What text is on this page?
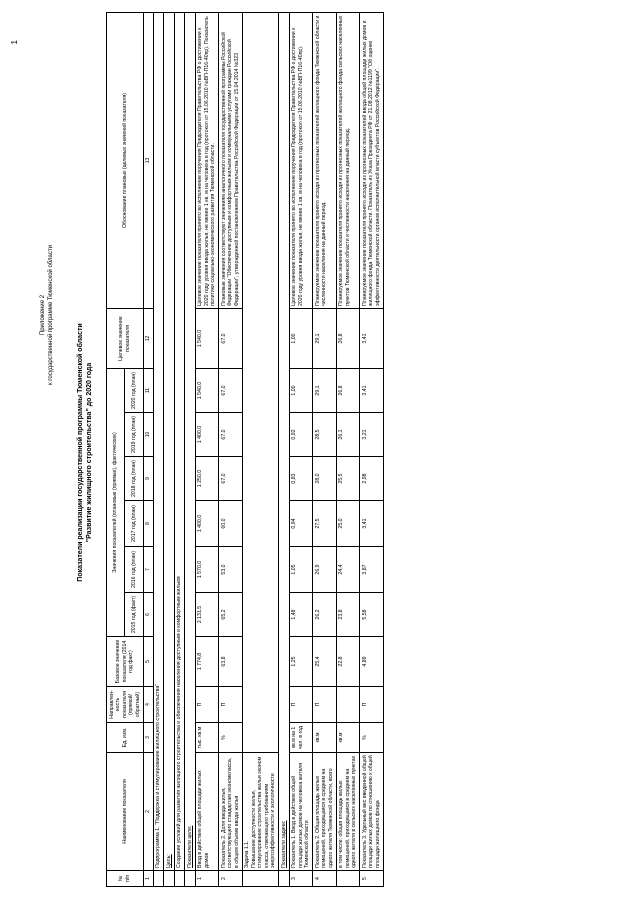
1
Приложение 2 к государственной программе Тюменской области
Показатели реализации государственной программы Тюменской области "Развитие жилищного строительства" до 2020 года
№ п/п	Наименование показателя	Ед. изм.	Направлен-ность показателя (прямой/ обратный)	Базовое значение показателя (2014 год факт)	Значения показателей (плановые (прямые), фактические)						Целевое значение показателя	Обоснование плановых (целевых значений показателя)
					2015 год (факт)	2016 год (план)	2017 год (план)	2018 год (план)	2019 год (план)	2020 год (план)		
1	2	3	4	5	6	7	8	9	10	11	12	13
	Подпрограмма 1. "Поддержка и стимулирование жилищного строительства"											
	Цель:											
	Создание условий для развития жилищного строительства и обеспечения населения доступным и комфортным жильем											
	Показатели цели:											
1	Ввод в действие общей площади жилых домов	тыс. кв.м	П	1 774,8	2 131,5	1 570,0	1 400,0	1 250,0	1 400,0	1 540,0	1 540,0	Целевое значение показателя принято во исполнение поручения Председателя Правительства РФ о достижении к 2020 году уровня ввода жилья, не менее 1 кв. м на человека в год (протокол от 15.06.2010 №ВП-П16-40пр). Показатель политики социально-экономического развития Тюменской области.
2	Показатель 2. Доля ввода жилья, соответствующего стандартам экономкласса, в общем объеме ввода жилья	%	П	63,8	65,2	53,0	60,0	67,0	67,0	67,0	67,0	Плановые значения соответствуют значениям аналогичного показателя государственной программы Российской Федерации "Обеспечение доступным и комфортным жильем и коммунальными услугами граждан Российской Федерации", утвержденной постановлением Правительства Российской Федерации от 15.04.2014 №323

	Задача 1.1. Повышение доступности жилья, стимулирование строительства жилья эконом класса, отвечающего требованиям энергоэффективности и экологичности											

	Показатели задачи:											
3	Показатель 1. Ввод в действие общей площади жилых домов на человека жителя Тюменской области	кв.м на 1 чел. в год	П	1,25	1,48	1,05	0,94	0,83	0,92	1,00	1,00	Целевое значение показателя принято во исполнение поручения Председателя Правительства РФ о достижении к 2020 году уровня ввода жилья, не менее 1 кв. м на человека в год (протокол от 15.06.2010 №ВП-П16-40пр).
4	Показатель 2. Общая площадь жилых помещений, приходящаяся в среднем на одного жителя Тюменской области, всего	кв.м	П	25,4	26,2	26,9	27,5	28,0	28,5	29,1	29,1	Планируемое значение показателя принято исходя из прогнозных показателей жилищного фонда Тюменской области и численности населения на данный период.
	в том числе: общая площадь жилых помещений, приходящаяся в среднем на одного жителя в сельских населенных пунктах	кв.м		22,8	23,8	24,4	25,0	25,5	26,1	26,8	26,8	Планируемое значение показателя принято исходя из прогнозных показателей жилищного фонда сельских населенных пунктов Тюменской области и численности населения на данный период.
5	Показатель 3. Удельный вес введенной общей площади жилых домов по отношению к общей площади жилищного фонда	%	П	4,89	5,58	3,87	3,41	2,98	3,21	3,41	3,41	Планируемое значение показателя принято исходя из прогнозных показателей ввода общей площади жилых домов и жилищного фонда Тюменской области. Показатель из Указа Президента РФ от 21.08.2012 №1199 "Об оценке эффективности деятельности органов исполнительной власти субъектов Российской Федерации".
